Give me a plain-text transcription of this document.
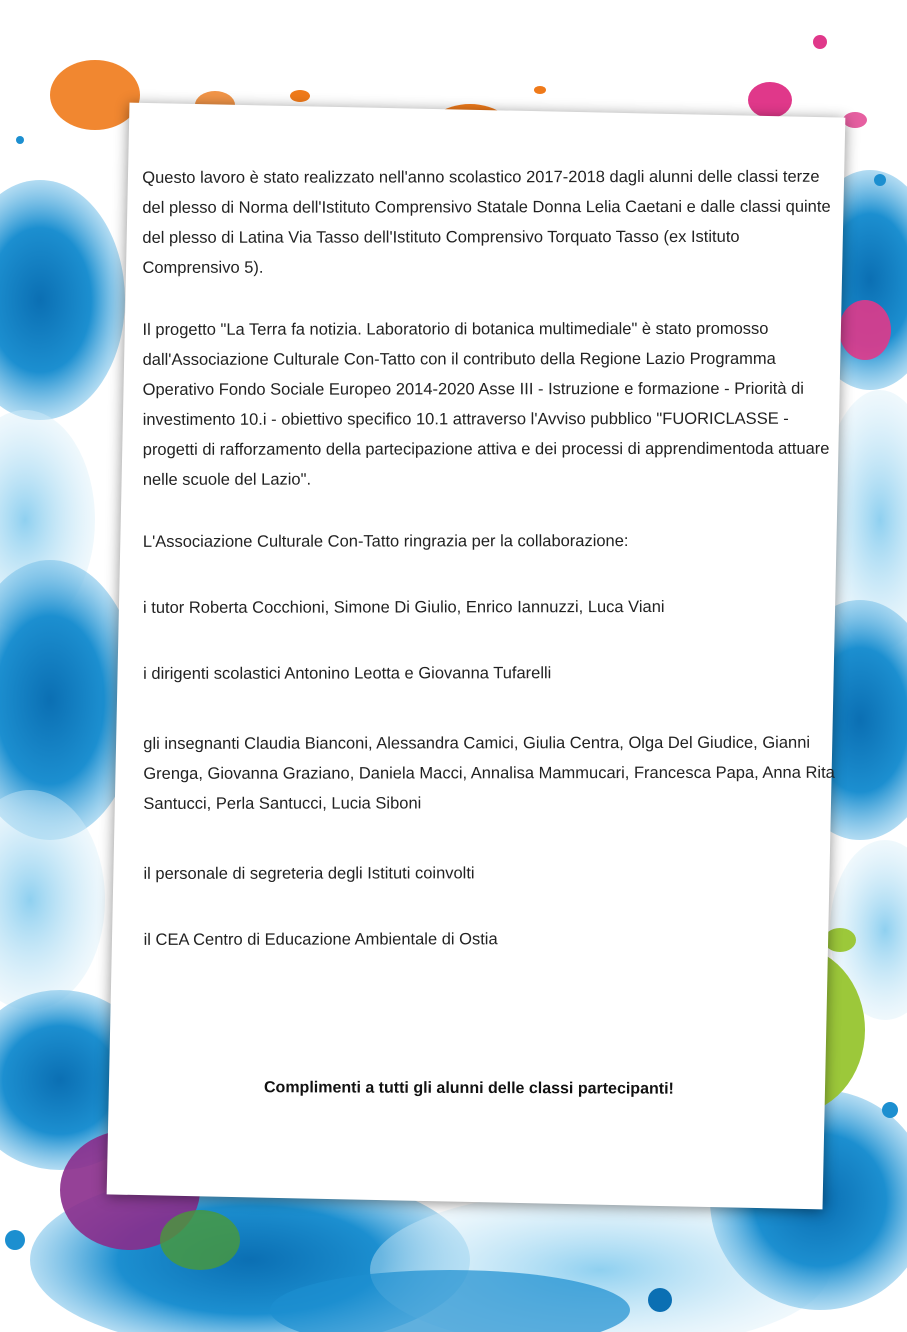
Questo lavoro è stato realizzato nell'anno scolastico 2017-2018 dagli alunni delle classi terze del plesso di Norma dell'Istituto Comprensivo Statale Donna Lelia Caetani e dalle classi quinte del plesso di Latina Via Tasso dell'Istituto Comprensivo Torquato Tasso (ex Istituto Comprensivo 5).

Il progetto "La Terra fa notizia. Laboratorio di botanica multimediale" è stato promosso dall'Associazione Culturale Con-Tatto con il contributo della Regione Lazio Programma Operativo Fondo Sociale Europeo 2014-2020 Asse III - Istruzione e formazione - Priorità di investimento 10.i - obiettivo specifico 10.1 attraverso l'Avviso pubblico "FUORICLASSE - progetti di rafforzamento della partecipazione attiva e dei processi di apprendimentoda attuare nelle scuole del Lazio".

L'Associazione Culturale Con-Tatto ringrazia per la collaborazione:

i tutor Roberta Cocchioni, Simone Di Giulio, Enrico Iannuzzi, Luca Viani

i dirigenti scolastici Antonino Leotta e Giovanna Tufarelli

gli insegnanti Claudia Bianconi, Alessandra Camici, Giulia Centra, Olga Del Giudice, Gianni Grenga, Giovanna Graziano, Daniela Macci, Annalisa Mammucari, Francesca Papa, Anna Rita Santucci, Perla Santucci, Lucia Siboni

il personale di segreteria degli Istituti coinvolti

il CEA Centro di Educazione Ambientale di Ostia

Complimenti a tutti gli alunni delle classi partecipanti!
